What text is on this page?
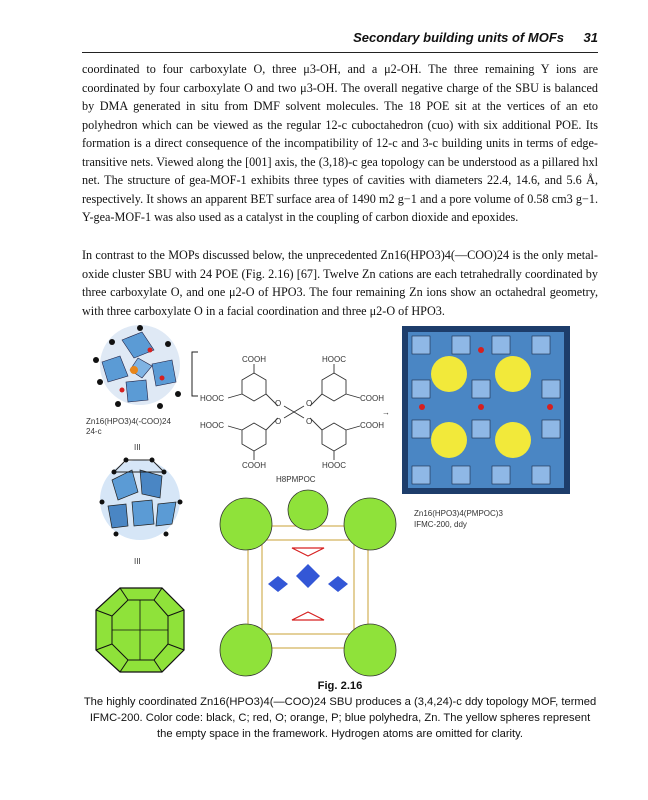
Secondary building units of MOFs 31

coordinated to four carboxylate O, three μ3-OH, and a μ2-OH. The three remaining Y ions are coordinated by four carboxylate O and two μ3-OH. The overall negative charge of the SBU is balanced by DMA generated in situ from DMF solvent molecules. The 18 POE sit at the vertices of an eto polyhedron which can be viewed as the regular 12-c cuboctahedron (cuo) with six additional POE. Its formation is a direct consequence of the incompatibility of 12-c and 3-c building units in terms of edge-transitive nets. Viewed along the [001] axis, the (3,18)-c gea topology can be understood as a pillared hxl net. The structure of gea-MOF-1 exhibits three types of cavities with diameters 22.4, 14.6, and 5.6 Å, respectively. It shows an apparent BET surface area of 1490 m2 g−1 and a pore volume of 0.58 cm3 g−1. Y-gea-MOF-1 was also used as a catalyst in the coupling of carbon dioxide and epoxides.

In contrast to the MOPs discussed below, the unprecedented Zn16(HPO3)4(—COO)24 is the only metal-oxide cluster SBU with 24 POE (Fig. 2.16) [67]. Twelve Zn cations are each tetrahedrally coordinated by three carboxylate O, and one μ2-O of HPO3. The four remaining Zn ions show an octahedral geometry, with three carboxylate O in a facial coordination and three μ2-O of HPO3.

Zn16(HPO3)4(-COO)24
24-c
III
III
→
COOH	HOOC
HOOC	COOH
HOOC	COOH
COOH	HOOC
O	O
O	O
H8PMPOC
Zn16(HPO3)4(PMPOC)3
IFMC-200, ddy
Fig. 2.16
The highly coordinated Zn16(HPO3)4(—COO)24 SBU produces a (3,4,24)-c ddy topology MOF, termed IFMC-200. Color code: black, C; red, O; orange, P; blue polyhedra, Zn. The yellow spheres represent the empty space in the framework. Hydrogen atoms are omitted for clarity.
